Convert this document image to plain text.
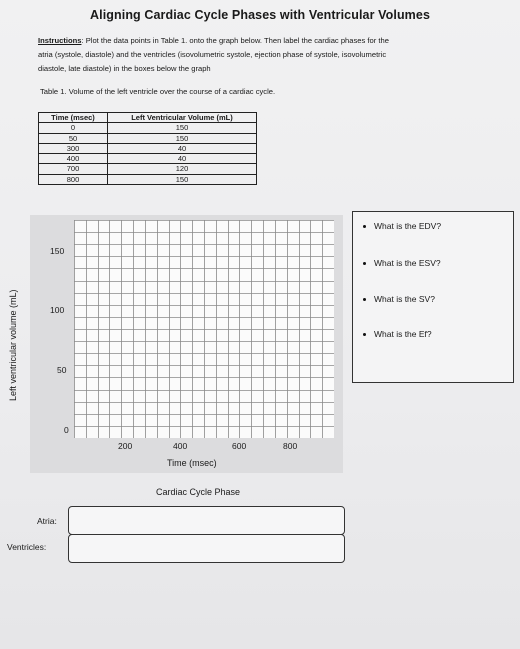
Aligning Cardiac Cycle Phases with Ventricular Volumes
Instructions: Plot the data points in Table 1. onto the graph below. Then label the cardiac phases for the
atria (systole, diastole) and the ventricles (isovolumetric systole, ejection phase of systole, isovolumetric
diastole, late diastole) in the boxes below the graph
Table 1. Volume of the left ventricle over the course of a cardiac cycle.
Time (msec)	Left Ventricular Volume (mL)
0	150
50	150
300	40
400	40
700	120
800	150
Left ventricular volume (mL)
150
100
50
0
200	400	600	800
Time (msec)
What is the EDV?
What is the ESV?
What is the SV?
What is the Ef?
Cardiac Cycle Phase
Atria:
Ventricles:
